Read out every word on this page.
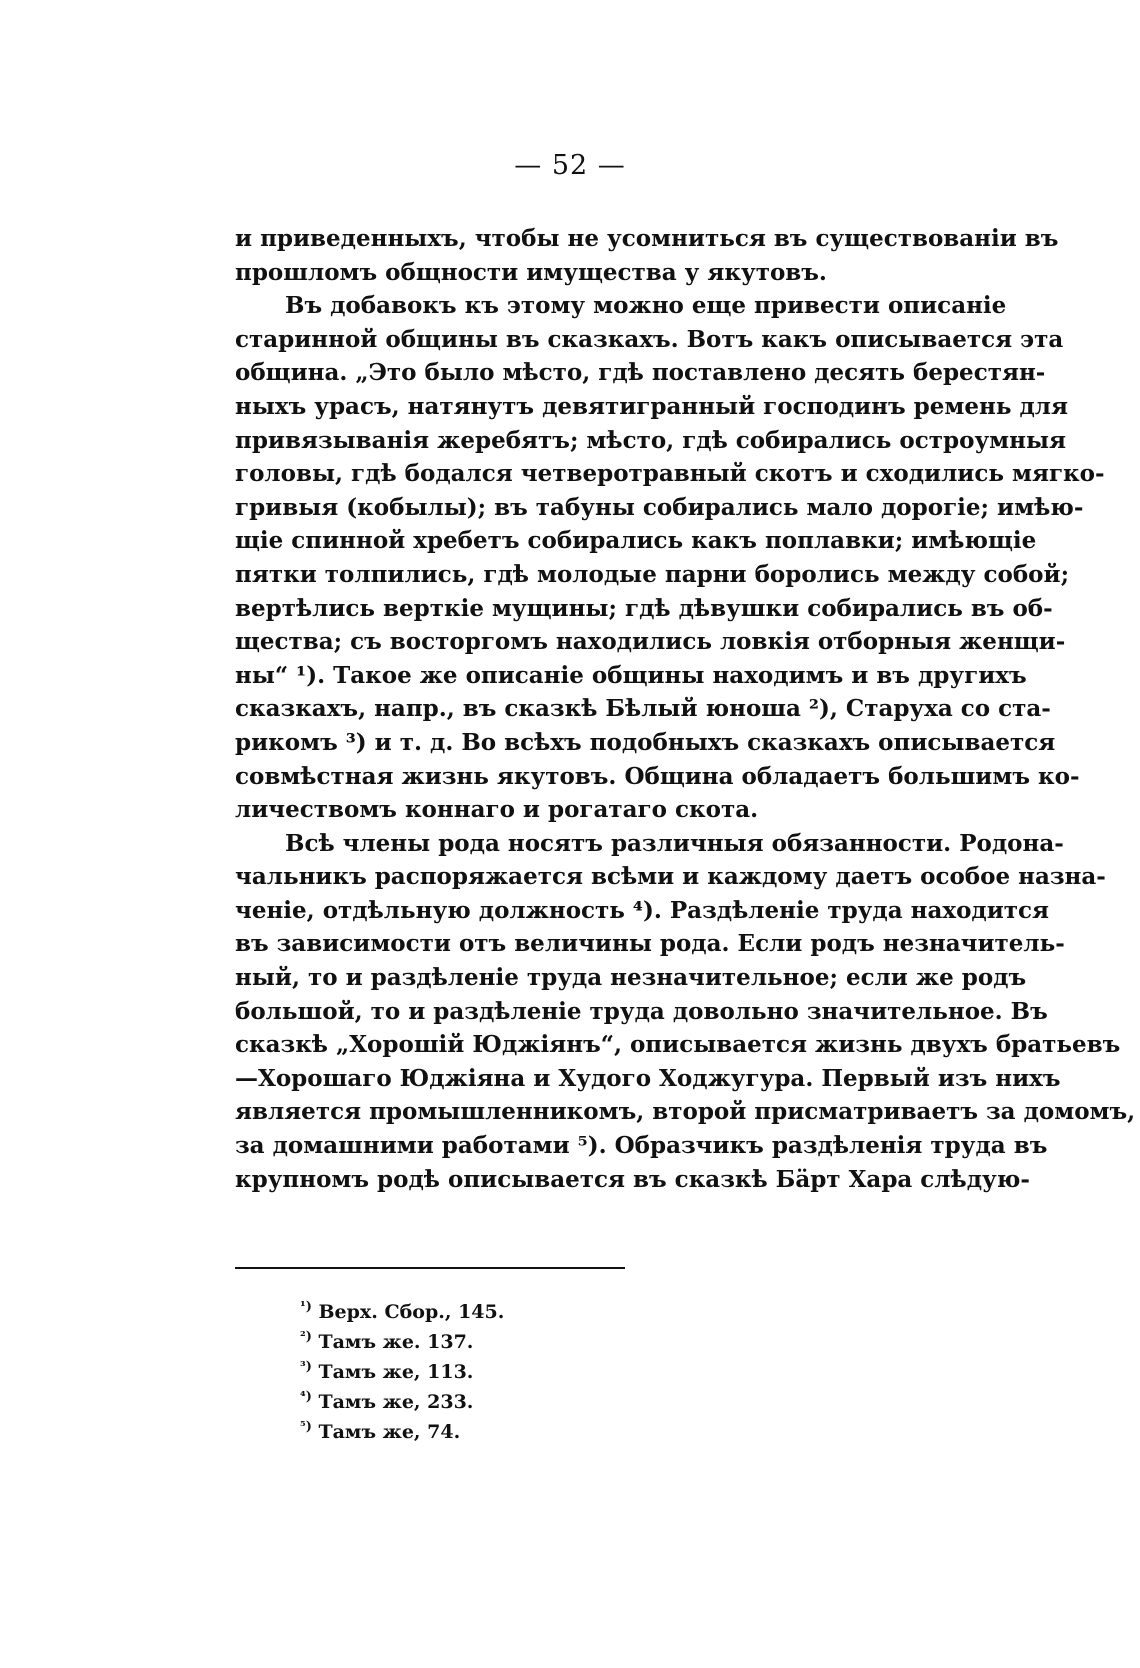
— 52 —
и приведенныхъ, чтобы не усомниться въ существованіи въ
прошломъ общности имущества у якутовъ.
Въ добавокъ къ этому можно еще привести описаніе
старинной общины въ сказкахъ. Вотъ какъ описывается эта
община. „Это было мѣсто, гдѣ поставлено десять берестян-
ныхъ урасъ, натянутъ девятигранный господинъ ремень для
привязыванія жеребятъ; мѣсто, гдѣ собирались остроумныя
головы, гдѣ бодался четвеpотравный скотъ и сходились мягко-
гривыя (кобылы); въ табуны собирались мало дорогіе; имѣю-
щіе спинной хребетъ собирались какъ поплавки; имѣющіе
пятки толпились, гдѣ молодые парни боролись между собой;
вертѣлись верткіе мущины; гдѣ дѣвушки собирались въ об-
щества; съ восторгомъ находились ловкія отборныя женщи-
ны“ ¹). Такое же описаніе общины находимъ и въ другихъ
сказкахъ, напр., въ сказкѣ Бѣлый юноша ²), Старуха со ста-
рикомъ ³) и т. д. Во всѣхъ подобныхъ сказкахъ описывается
совмѣстная жизнь якутовъ. Община обладаетъ большимъ ко-
личествомъ коннаго и рогатаго скота.
Всѣ члены рода носятъ различныя обязанности. Родона-
чальникъ распоряжается всѣми и каждому даетъ особое назна-
ченіе, отдѣльную должность ⁴). Раздѣленіе труда находится
въ зависимости отъ величины рода. Если родъ незначитель-
ный, то и раздѣленіе труда незначительное; если же родъ
большой, то и раздѣленіе труда довольно значительное. Въ
сказкѣ „Хорошій Юджіянъ“, описывается жизнь двухъ братьевъ
—Хорошаго Юджіяна и Худого Ходжугура. Первый изъ нихъ
является промышленникомъ, второй присматриваетъ за домомъ,
за домашними работами ⁵). Образчикъ раздѣленія труда въ
крупномъ родѣ описывается въ сказкѣ Бӓрт Хара слѣдую-
$^{^1)}$ Верх. Сбор., 145.
$^{^2)}$ Тамъ же. 137.
$^{^3)}$ Тамъ же, 113.
$^{^4)}$ Тамъ же, 233.
$^{^5)}$ Тамъ же, 74.
